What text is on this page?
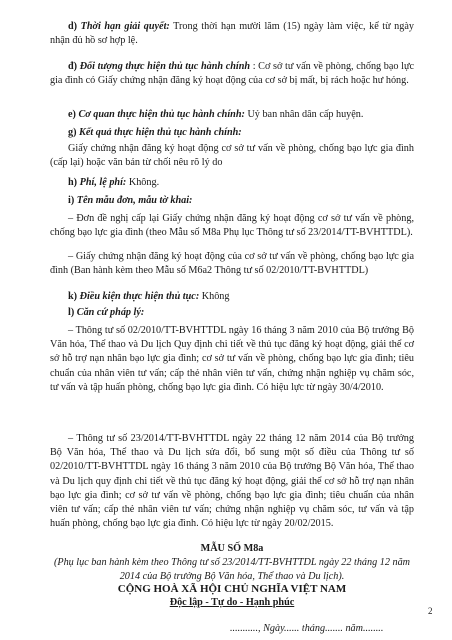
d) Thời hạn giải quyết: Trong thời hạn mười lăm (15) ngày làm việc, kể từ ngày nhận đủ hồ sơ hợp lệ.
đ) Đối tượng thực hiện thủ tục hành chính : Cơ sở tư vấn về phòng, chống bạo lực gia đình có Giấy chứng nhận đăng ký hoạt động của cơ sở bị mất, bị rách hoặc hư hỏng.
e) Cơ quan thực hiện thủ tục hành chính: Uỷ ban nhân dân cấp huyện.
g) Kết quả thực hiện thủ tục hành chính:
Giấy chứng nhận đăng ký hoạt động cơ sở tư vấn về phòng, chống bạo lực gia đình (cấp lại) hoặc văn bản từ chối nêu rõ lý do
h) Phí, lệ phí: Không.
i) Tên mẫu đơn, mẫu tờ khai:
– Đơn đề nghị cấp lại Giấy chứng nhận đăng ký hoạt động cơ sở tư vấn về phòng, chống bạo lực gia đình (theo Mẫu số M8a Phụ lục Thông tư số 23/2014/TT-BVHTTDL).
– Giấy chứng nhận đăng ký hoạt động của cơ sở tư vấn về phòng, chống bạo lực gia đình (Ban hành kèm theo Mẫu số M6a2 Thông tư số 02/2010/TT-BVHTTDL)
k) Điều kiện thực hiện thủ tục: Không
l) Căn cứ pháp lý:
– Thông tư số 02/2010/TT-BVHTTDL ngày 16 tháng 3 năm 2010 của Bộ trưởng Bộ Văn hóa, Thể thao và Du lịch Quy định chi tiết về thủ tục đăng ký hoạt động, giải thể cơ sở hỗ trợ nạn nhân bạo lực gia đình; cơ sở tư vấn về phòng, chống bạo lực gia đình; tiêu chuẩn của nhân viên tư vấn; cấp thẻ nhân viên tư vấn, chứng nhận nghiệp vụ chăm sóc, tư vấn và tập huấn phòng, chống bạo lực gia đình. Có hiệu lực từ ngày 30/4/2010.
– Thông tư số 23/2014/TT-BVHTTDL ngày 22 tháng 12 năm 2014 của Bộ trưởng Bộ Văn hóa, Thể thao và Du lịch sửa đổi, bổ sung một số điều của Thông tư số 02/2010/TT-BVHTTDL ngày 16 tháng 3 năm 2010 của Bộ trưởng Bộ Văn hóa, Thể thao và Du lịch quy định chi tiết về thủ tục đăng ký hoạt động, giải thể cơ sở hỗ trợ nạn nhân bạo lực gia đình; cơ sở tư vấn về phòng, chống bạo lực gia đình; tiêu chuẩn của nhân viên tư vấn; cấp thẻ nhân viên tư vấn; chứng nhận nghiệp vụ chăm sóc, tư vấn và tập huấn phòng, chống bạo lực gia đình. Có hiệu lực từ ngày 20/02/2015.
MẪU SỐ M8a
(Phụ lục ban hành kèm theo Thông tư số 23/2014/TT-BVHTTDL ngày 22 tháng 12 năm 2014 của Bộ trưởng Bộ Văn hóa, Thể thao và Du lịch).
CỘNG HOÀ XÃ HỘI CHỦ NGHĨA VIỆT NAM
Độc lập - Tự do - Hạnh phúc
..........., Ngày...... tháng....... năm........
2
